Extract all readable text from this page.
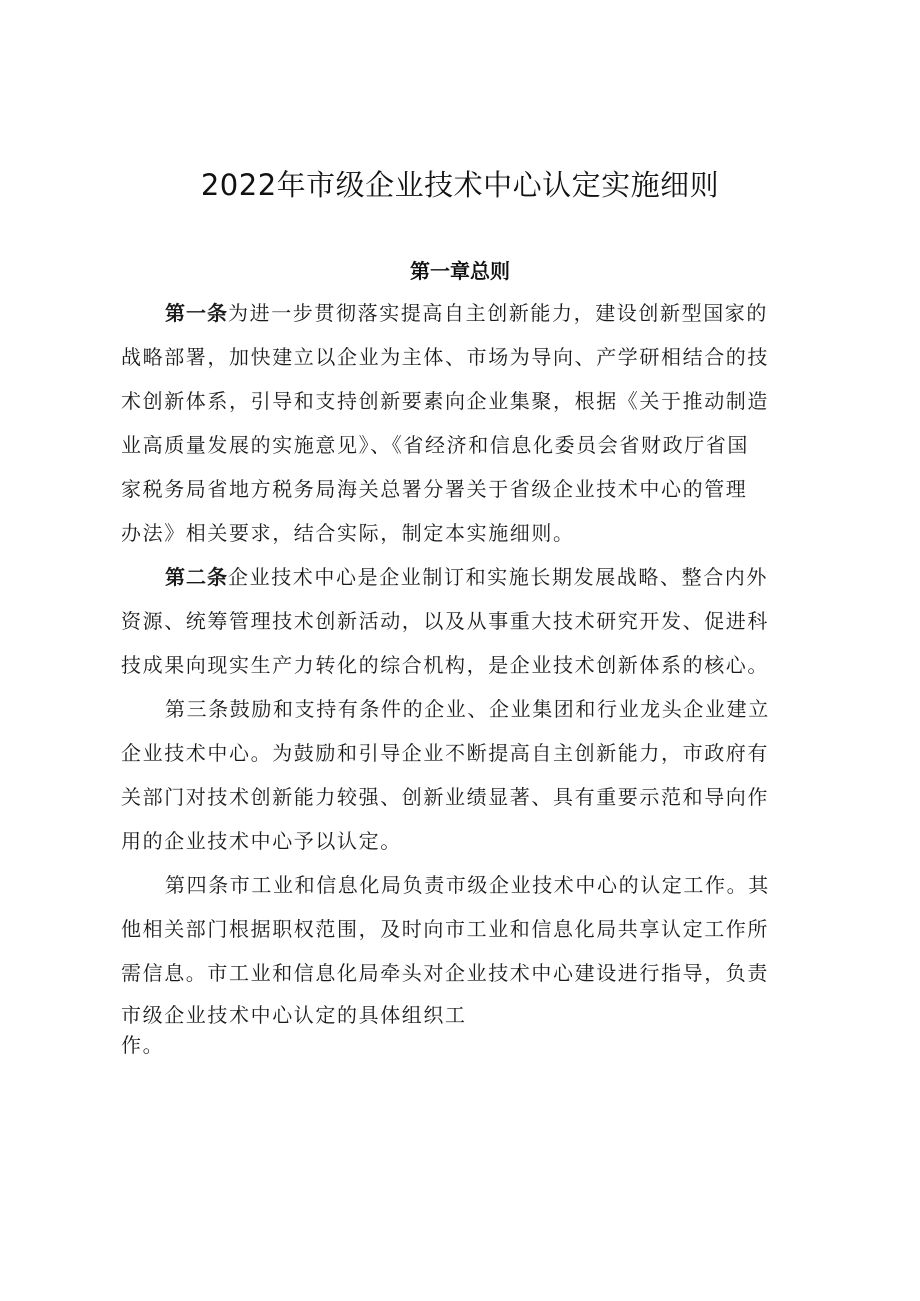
2022年市级企业技术中心认定实施细则
第一章总则
第一条为进一步贯彻落实提高自主创新能力，建设创新型国家的
战略部署，加快建立以企业为主体、市场为导向、产学研相结合的技
术创新体系，引导和支持创新要素向企业集聚，根据《关于推动制造
业高质量发展的实施意见》、《省经济和信息化委员会省财政厅省国
家税务局省地方税务局海关总署分署关于省级企业技术中心的管理
办法》相关要求，结合实际，制定本实施细则。
第二条企业技术中心是企业制订和实施长期发展战略、整合内外
资源、统筹管理技术创新活动，以及从事重大技术研究开发、促进科
技成果向现实生产力转化的综合机构，是企业技术创新体系的核心。
第三条鼓励和支持有条件的企业、企业集团和行业龙头企业建立
企业技术中心。为鼓励和引导企业不断提高自主创新能力，市政府有
关部门对技术创新能力较强、创新业绩显著、具有重要示范和导向作
用的企业技术中心予以认定。
第四条市工业和信息化局负责市级企业技术中心的认定工作。其
他相关部门根据职权范围，及时向市工业和信息化局共享认定工作所
需信息。市工业和信息化局牵头对企业技术中心建设进行指导，负责
市级企业技术中心认定的具体组织工
作。
